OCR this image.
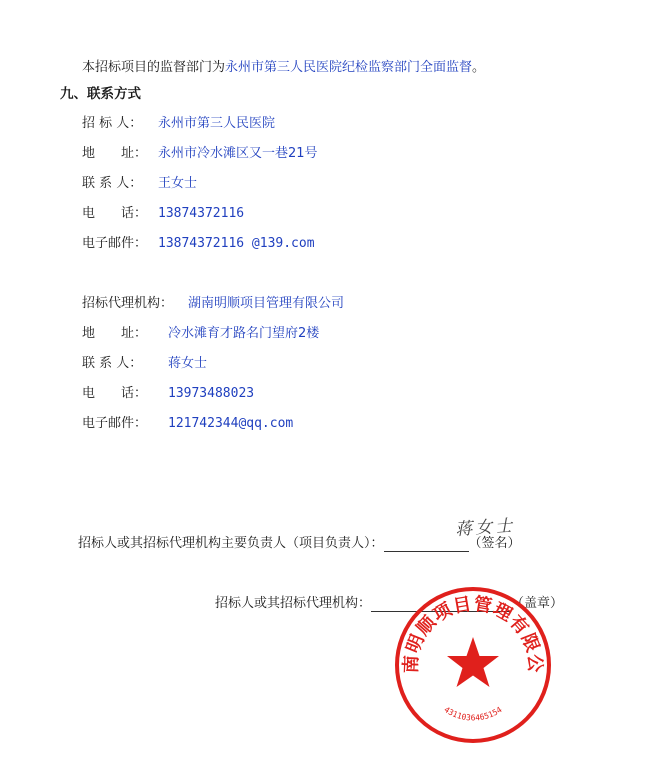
本招标项目的监督部门为永州市第三人民医院纪检监察部门全面监督。
九、联系方式
招 标 人： 永州市第三人民医院
地　　址： 永州市冷水滩区又一巷21号
联 系 人： 王女士
电　　话： 13874372116
电子邮件： 13874372116 @139.com
招标代理机构： 湖南明顺项目管理有限公司
地　　址： 冷水滩育才路名门望府2楼
联 系 人： 蒋女士
电　　话： 13973488023
电子邮件： 121742344@qq.com
招标人或其招标代理机构主要负责人（项目负责人）：	（签名）
蒋女士
招标人或其招标代理机构：	（盖章）
南明顺项目管理有限公
4311036465154
